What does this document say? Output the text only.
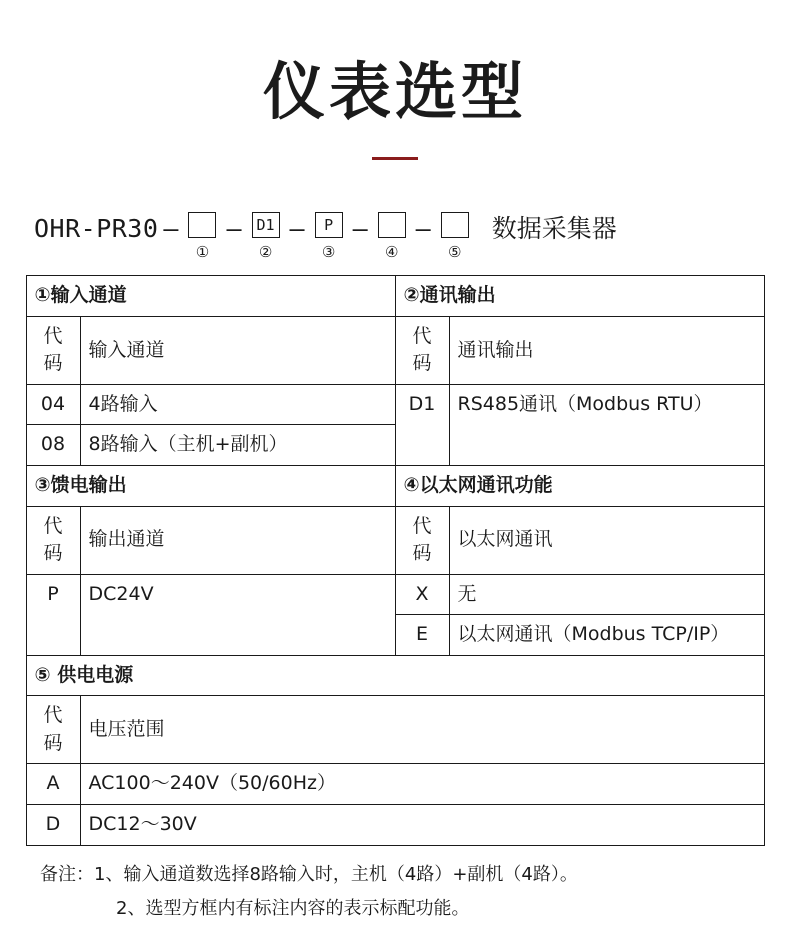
仪表选型
OHR-PR30 —
①
— D1
②
—	P
③
—
④
—
⑤
数据采集器
①输入通道		②通讯输出	
代码	输入通道	代码	通讯输出
04	4路输入	D1	RS485通讯（Modbus RTU）
08	8路输入（主机+副机）		
③馈电输出		④以太网通讯功能	
代码	输出通道	代码	以太网通讯
P	DC24V	X	无
		E	以太网通讯（Modbus TCP/IP）
⑤ 供电电源			
代码	电压范围		
A	AC100～240V（50/60Hz）		
D	DC12～30V		
备注：1、输入通道数选择8路输入时，主机（4路）+副机（4路）。
2、选型方框内有标注内容的表示标配功能。
